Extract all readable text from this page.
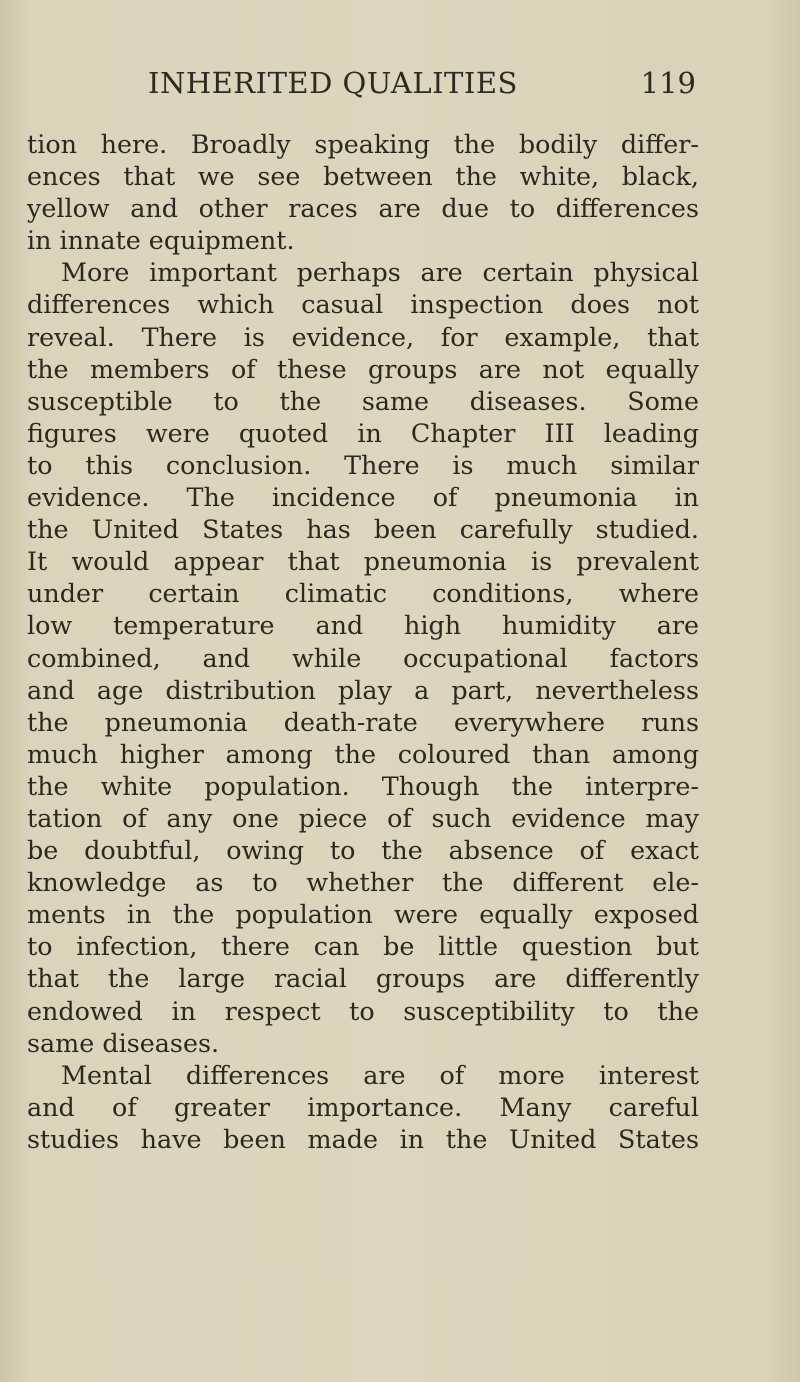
INHERITED QUALITIES	119
tion here. Broadly speaking the bodily differ-
ences that we see between the white, black,
yellow and other races are due to differences
in innate equipment.
More important perhaps are certain physical
differences which casual inspection does not
reveal. There is evidence, for example, that
the members of these groups are not equally
susceptible to the same diseases. Some
figures were quoted in Chapter III leading
to this conclusion. There is much similar
evidence. The incidence of pneumonia in
the United States has been carefully studied.
It would appear that pneumonia is prevalent
under certain climatic conditions, where
low temperature and high humidity are
combined, and while occupational factors
and age distribution play a part, nevertheless
the pneumonia death-rate everywhere runs
much higher among the coloured than among
the white population. Though the interpre-
tation of any one piece of such evidence may
be doubtful, owing to the absence of exact
knowledge as to whether the different ele-
ments in the population were equally exposed
to infection, there can be little question but
that the large racial groups are differently
endowed in respect to susceptibility to the
same diseases.
Mental differences are of more interest
and of greater importance. Many careful
studies have been made in the United States
